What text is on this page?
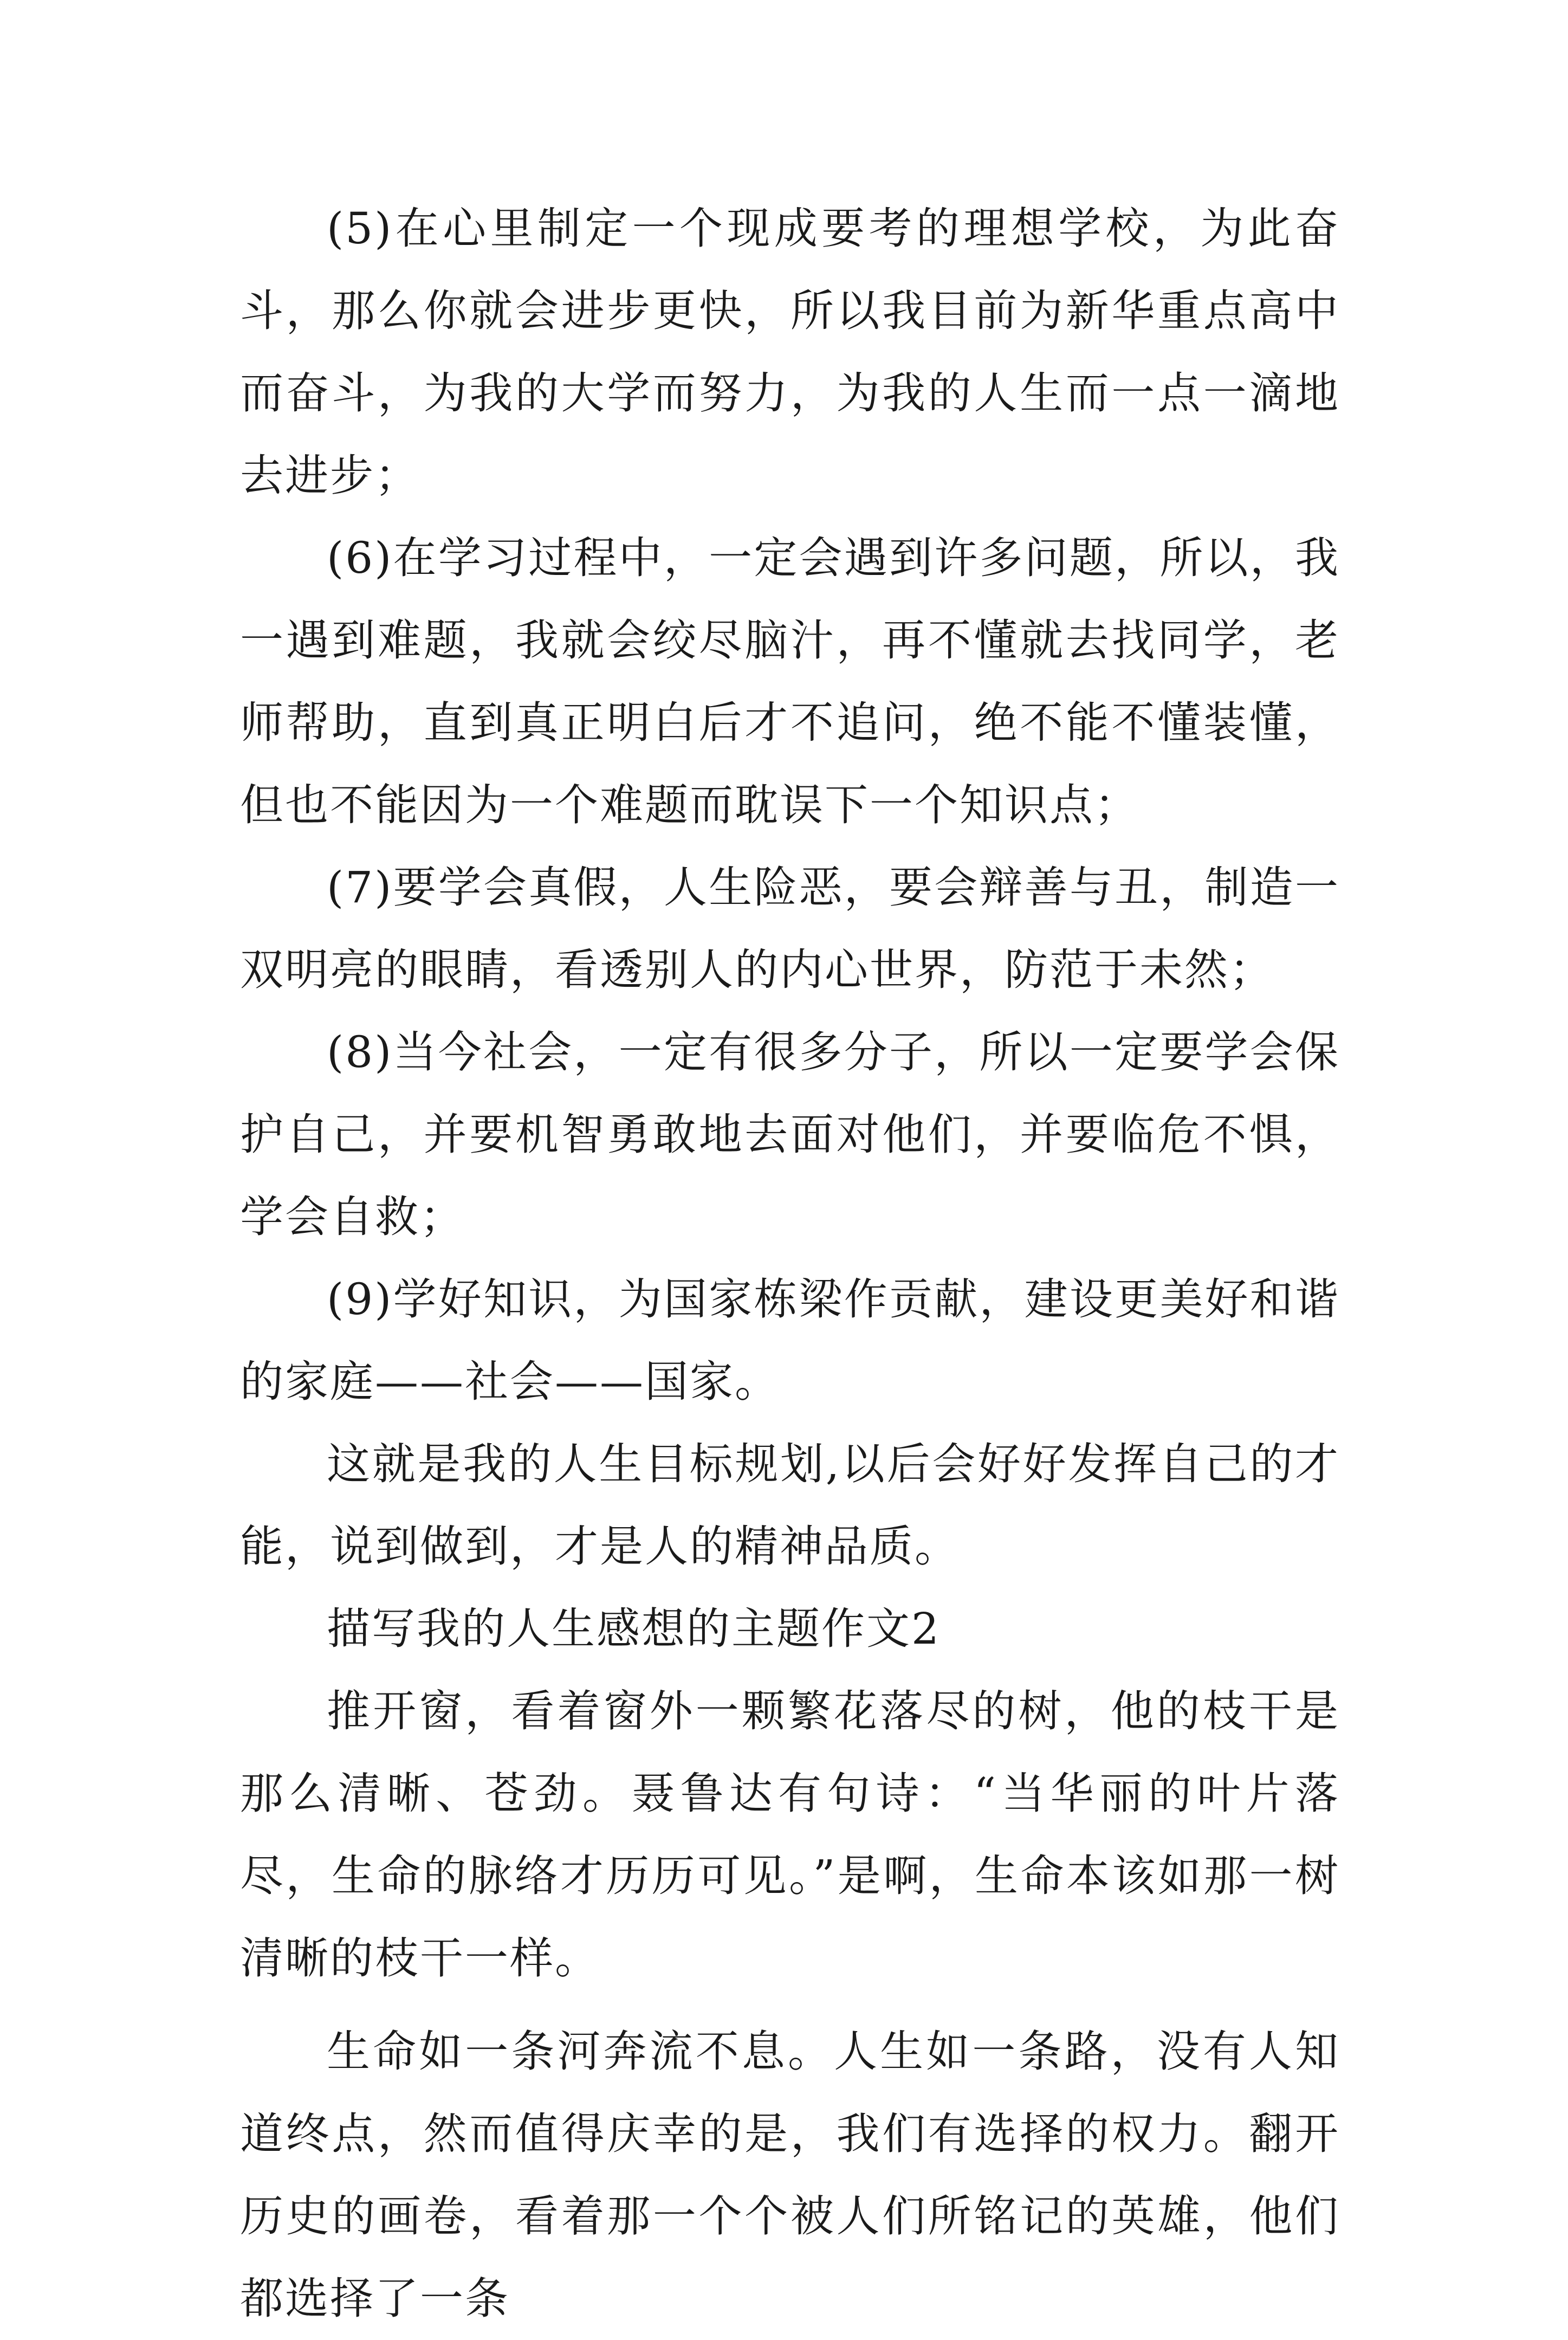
(5)在心里制定一个现成要考的理想学校，为此奋斗，那么你就会进步更快，所以我目前为新华重点高中而奋斗，为我的大学而努力，为我的人生而一点一滴地去进步；

(6)在学习过程中，一定会遇到许多问题，所以，我一遇到难题，我就会绞尽脑汁，再不懂就去找同学，老师帮助，直到真正明白后才不追问，绝不能不懂装懂，但也不能因为一个难题而耽误下一个知识点；

(7)要学会真假，人生险恶，要会辩善与丑，制造一双明亮的眼睛，看透别人的内心世界，防范于未然；

(8)当今社会，一定有很多分子，所以一定要学会保护自己，并要机智勇敢地去面对他们，并要临危不惧，学会自救；

(9)学好知识，为国家栋梁作贡献，建设更美好和谐的家庭——社会——国家。

这就是我的人生目标规划,以后会好好发挥自己的才能，说到做到，才是人的精神品质。

描写我的人生感想的主题作文2

推开窗，看着窗外一颗繁花落尽的树，他的枝干是那么清晰、苍劲。聂鲁达有句诗：“当华丽的叶片落尽，生命的脉络才历历可见。”是啊，生命本该如那一树清晰的枝干一样。

生命如一条河奔流不息。人生如一条路，没有人知道终点，然而值得庆幸的是，我们有选择的权力。翻开历史的画卷，看着那一个个被人们所铭记的英雄，他们都选择了一条
